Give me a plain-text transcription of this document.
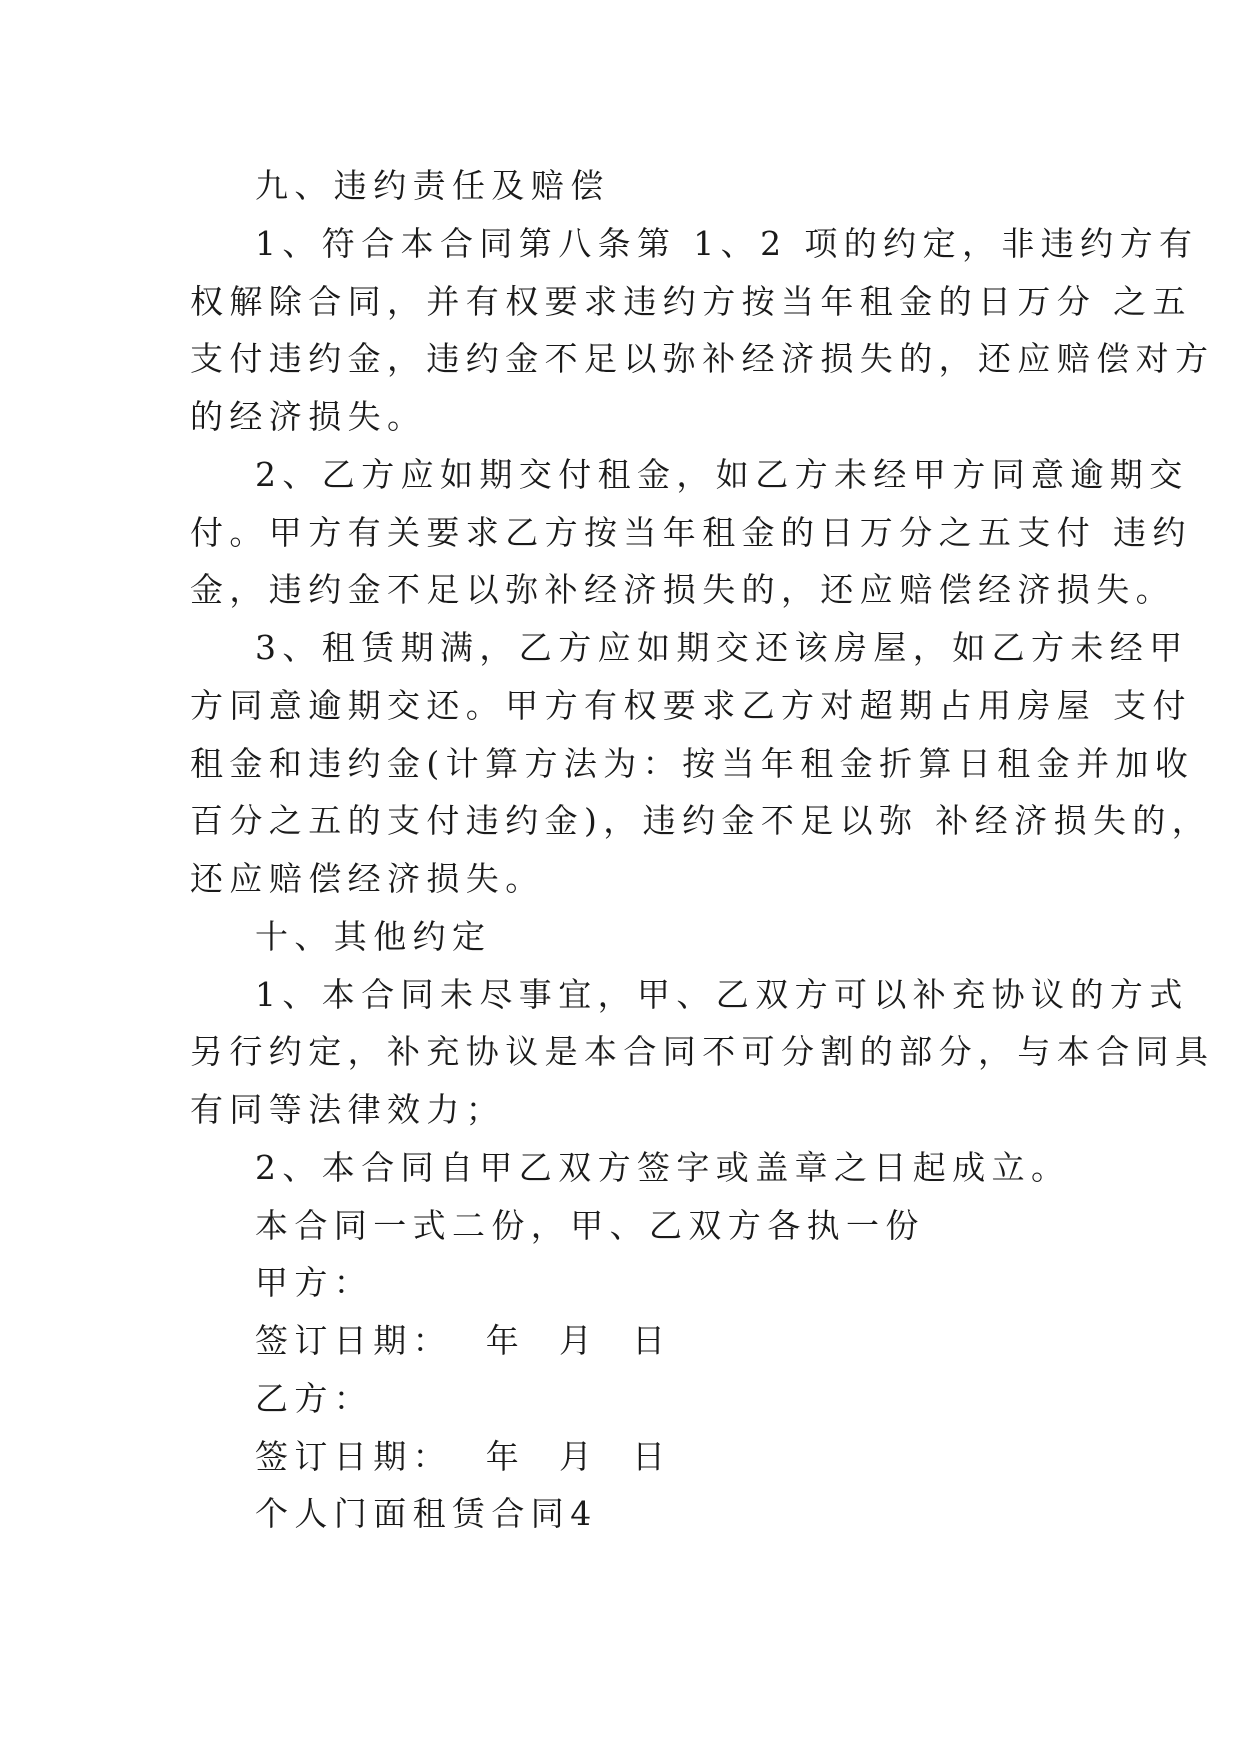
九、违约责任及赔偿
1、符合本合同第八条第 1、2 项的约定，非违约方有
权解除合同，并有权要求违约方按当年租金的日万分 之五
支付违约金，违约金不足以弥补经济损失的，还应赔偿对方
的经济损失。
2、乙方应如期交付租金，如乙方未经甲方同意逾期交
付。甲方有关要求乙方按当年租金的日万分之五支付 违约
金，违约金不足以弥补经济损失的，还应赔偿经济损失。
3、租赁期满，乙方应如期交还该房屋，如乙方未经甲
方同意逾期交还。甲方有权要求乙方对超期占用房屋 支付
租金和违约金(计算方法为：按当年租金折算日租金并加收
百分之五的支付违约金)，违约金不足以弥 补经济损失的，
还应赔偿经济损失。
十、其他约定
1、本合同未尽事宜，甲、乙双方可以补充协议的方式
另行约定，补充协议是本合同不可分割的部分，与本合同具
有同等法律效力；
2、本合同自甲乙双方签字或盖章之日起成立。
本合同一式二份，甲、乙双方各执一份
甲方：
签订日期：  年  月  日
乙方：
签订日期：  年  月  日
个人门面租赁合同4
